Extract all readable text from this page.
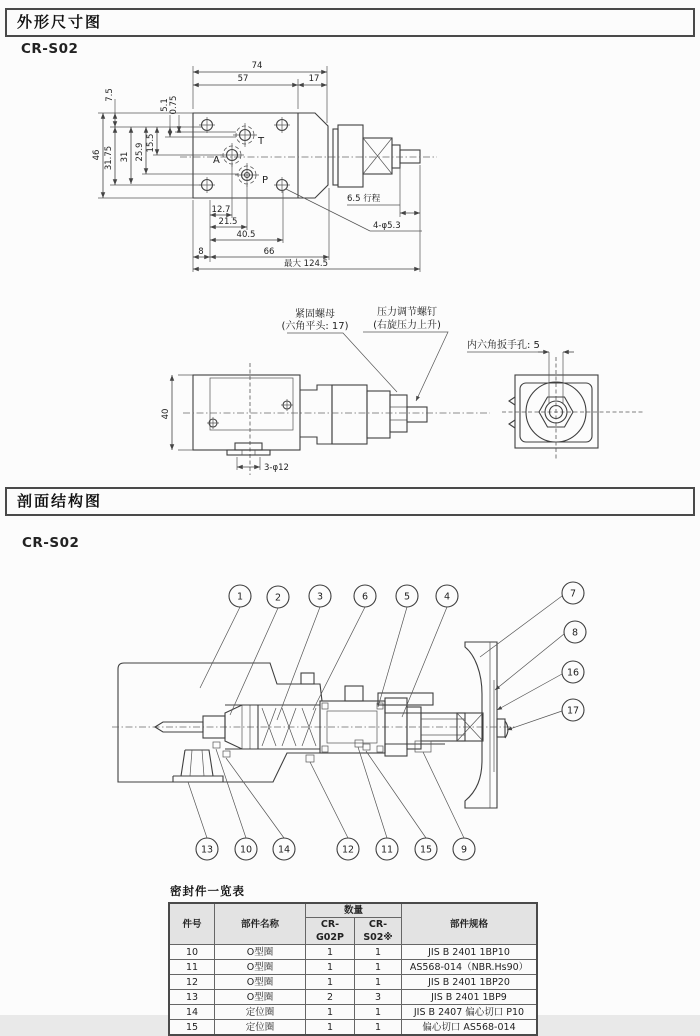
外形尺寸图
CR-S02
T
A
P
74
57	17
46
7.5
31.75 31 25.9 15.5
5.1 0.75
12.7
21.5
40.5
8	66
最大 124.5
6.5 行程
4-φ5.3
40
3-φ12
紧固螺母
(六角平头: 17)
压力调节螺钉
(右旋压力上升)
内六角扳手孔: 5
剖面结构图
CR-S02
1	2	3	6	5	4	7
8
16
17
13	10	14	12	11	15	9
密封件一览表
件号	部件名称	数量		部件规格
		CR-G02P	CR-S02※	
10	O型圈	1	1	JIS B 2401 1BP10
11	O型圈	1	1	AS568-014（NBR.Hs90）
12	O型圈	1	1	JIS B 2401 1BP20
13	O型圈	2	3	JIS B 2401 1BP9
14	定位圈	1	1	JIS B 2407 偏心切口 P10
15	定位圈	1	1	偏心切口 AS568-014
